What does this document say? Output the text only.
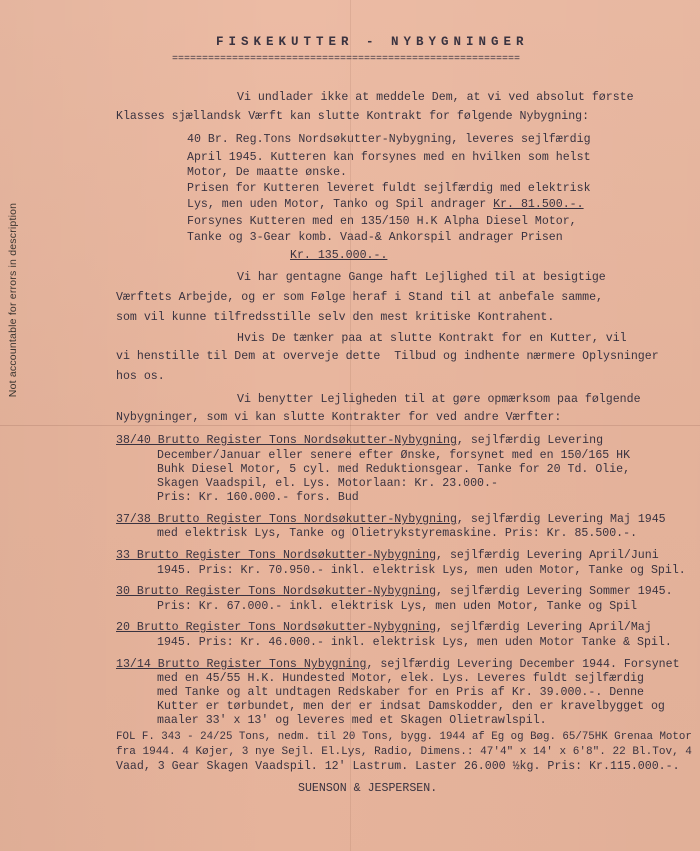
Not accountable for errors in description
FISKEKUTTER - NYBYGNINGER
==========================================================
Vi undlader ikke at meddele Dem, at vi ved absolut første
Klasses sjællandsk Værft kan slutte Kontrakt for følgende Nybygning:
40 Br. Reg.Tons Nordsøkutter-Nybygning, leveres sejlfærdig
April 1945. Kutteren kan forsynes med en hvilken som helst
Motor, De maatte ønske.
Prisen for Kutteren leveret fuldt sejlfærdig med elektrisk
Lys, men uden Motor, Tanko og Spil andrager Kr. 81.500.-.
Forsynes Kutteren med en 135/150 H.K Alpha Diesel Motor,
Tanke og 3-Gear komb. Vaad-& Ankorspil andrager Prisen
Kr. 135.000.-.
Vi har gentagne Gange haft Lejlighed til at besigtige
Værftets Arbejde, og er som Følge heraf i Stand til at anbefale samme,
som vil kunne tilfredsstille selv den mest kritiske Kontrahent.
Hvis De tænker paa at slutte Kontrakt for en Kutter, vil
vi henstille til Dem at overveje dette  Tilbud og indhente nærmere Oplysninger
hos os.
Vi benytter Lejligheden til at gøre opmærksom paa følgende
Nybygninger, som vi kan slutte Kontrakter for ved andre Værfter:
38/40 Brutto Register Tons Nordsøkutter-Nybygning, sejlfærdig Levering
December/Januar eller senere efter Ønske, forsynet med en 150/165 HK
Buhk Diesel Motor, 5 cyl. med Reduktionsgear. Tanke for 20 Td. Olie,
Skagen Vaadspil, el. Lys. Motorlaan: Kr. 23.000.-
Pris: Kr. 160.000.- fors. Bud
37/38 Brutto Register Tons Nordsøkutter-Nybygning, sejlfærdig Levering Maj 1945
med elektrisk Lys, Tanke og Olietrykstyremaskine. Pris: Kr. 85.500.-.
33 Brutto Register Tons Nordsøkutter-Nybygning, sejlfærdig Levering April/Juni
1945. Pris: Kr. 70.950.- inkl. elektrisk Lys, men uden Motor, Tanke og Spil.
30 Brutto Register Tons Nordsøkutter-Nybygning, sejlfærdig Levering Sommer 1945.
Pris: Kr. 67.000.- inkl. elektrisk Lys, men uden Motor, Tanke og Spil
20 Brutto Register Tons Nordsøkutter-Nybygning, sejlfærdig Levering April/Maj
1945. Pris: Kr. 46.000.- inkl. elektrisk Lys, men uden Motor Tanke & Spil.
13/14 Brutto Register Tons Nybygning, sejlfærdig Levering December 1944. Forsynet
med en 45/55 H.K. Hundested Motor, elek. Lys. Leveres fuldt sejlfærdig
med Tanke og alt undtagen Redskaber for en Pris af Kr. 39.000.-. Denne
Kutter er tørbundet, men der er indsat Damskodder, den er kravelbygget og
maaler 33' x 13' og leveres med et Skagen Olietrawlspil.
FOL F. 343 - 24/25 Tons, nedm. til 20 Tons, bygg. 1944 af Eg og Bøg. 65/75HK Grenaa Motor
fra 1944. 4 Køjer, 3 nye Sejl. El.Lys, Radio, Dimens.: 47'4" x 14' x 6'8". 22 Bl.Tov, 4
Vaad, 3 Gear Skagen Vaadspil. 12' Lastrum. Laster 26.000 ½kg. Pris: Kr.115.000.-.
SUENSON & JESPERSEN.
